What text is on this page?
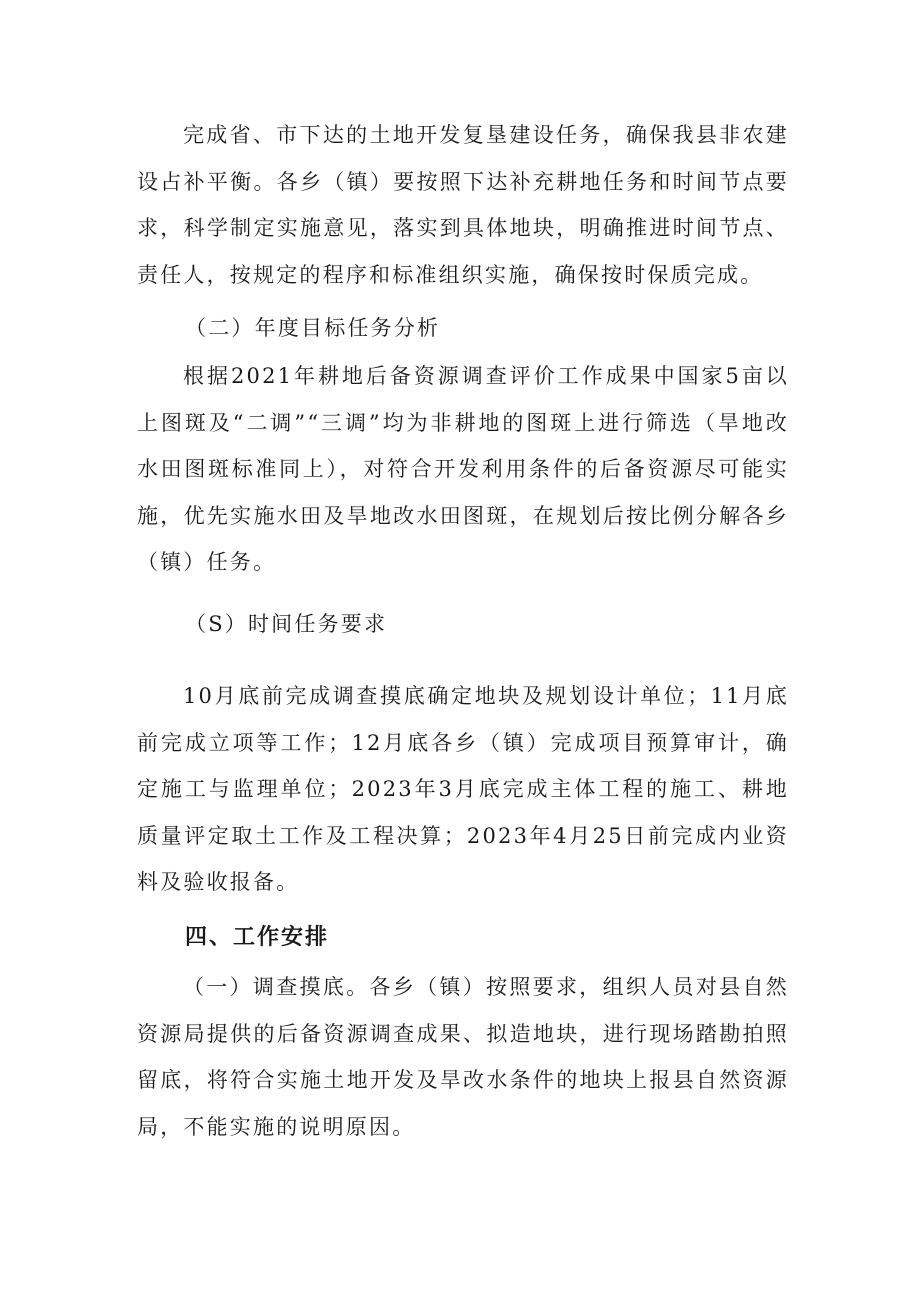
完成省、市下达的土地开发复垦建设任务，确保我县非农建设占补平衡。各乡（镇）要按照下达补充耕地任务和时间节点要求，科学制定实施意见，落实到具体地块，明确推进时间节点、责任人，按规定的程序和标准组织实施，确保按时保质完成。

（二）年度目标任务分析

根据2021年耕地后备资源调查评价工作成果中国家5亩以上图斑及“二调”“三调”均为非耕地的图斑上进行筛选（旱地改水田图斑标准同上），对符合开发利用条件的后备资源尽可能实施，优先实施水田及旱地改水田图斑，在规划后按比例分解各乡（镇）任务。

（S）时间任务要求

10月底前完成调查摸底确定地块及规划设计单位；11月底前完成立项等工作；12月底各乡（镇）完成项目预算审计，确定施工与监理单位；2023年3月底完成主体工程的施工、耕地质量评定取土工作及工程决算；2023年4月25日前完成内业资料及验收报备。

四、工作安排

（一）调查摸底。各乡（镇）按照要求，组织人员对县自然资源局提供的后备资源调查成果、拟造地块，进行现场踏勘拍照留底，将符合实施土地开发及旱改水条件的地块上报县自然资源局，不能实施的说明原因。
